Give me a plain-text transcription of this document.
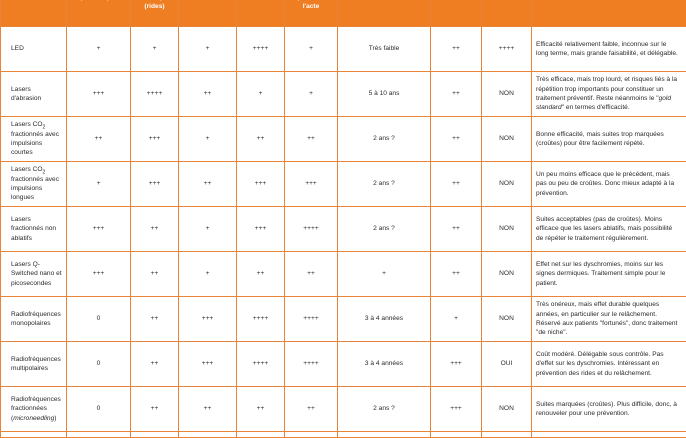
		(rides)			l'acte				
LED	+	+	+	++++	+	Très faible	++	++++	Efficacité relativement faible, inconnue sur le long terme, mais grande faisabilité, et délégable.
Lasers d'abrasion	+++	++++	++	+	+	5 à 10 ans	++	NON	Très efficace, mais trop lourd, et risques liés à la répétition trop importants pour constituer un traitement préventif. Reste néanmoins le "gold standard" en termes d'efficacité.
Lasers $CO_2$ fractionnés avec impulsions courtes	++	+++	+	++	++	2 ans ?	++	NON	Bonne efficacité, mais suites trop marquées (croûtes) pour être facilement répété.
Lasers $CO_2$ fractionnés avec impulsions longues	+	+++	++	+++	+++	2 ans ?	++	NON	Un peu moins efficace que le précédent, mais pas ou peu de croûtes. Donc mieux adapté à la prévention.
Lasers fractionnés non ablatifs	+++	++	+	+++	++++	2 ans ?	++	NON	Suites acceptables (pas de croûtes). Moins efficace que les lasers ablatifs, mais possibilité de répéter le traitement régulièrement.
Lasers Q-Switched nano et picosecondes	+++	++	+	++	++	+	++	NON	Effet net sur les dyschromies, moins sur les signes dermiques. Traitement simple pour le patient.
Radiofréquences monopolaires	0	++	+++	++++	++++	3 à 4 années	+	NON	Très onéreux, mais effet durable quelques années, en particulier sur le relâchement. Réservé aux patients "fortunés", donc traitement "de niche".
Radiofréquences multipolaires	0	++	+++	++++	++++	3 à 4 années	+++	OUI	Coût modéré. Délégable sous contrôle. Pas d'effet sur les dyschromies. Intéressant en prévention des rides et du relâchement.
Radiofréquences fractionnées (microneedling)	0	++	++	++	++	2 ans ?	+++	NON	Suites marquées (croûtes). Plus difficile, donc, à renouveler pour une prévention.
